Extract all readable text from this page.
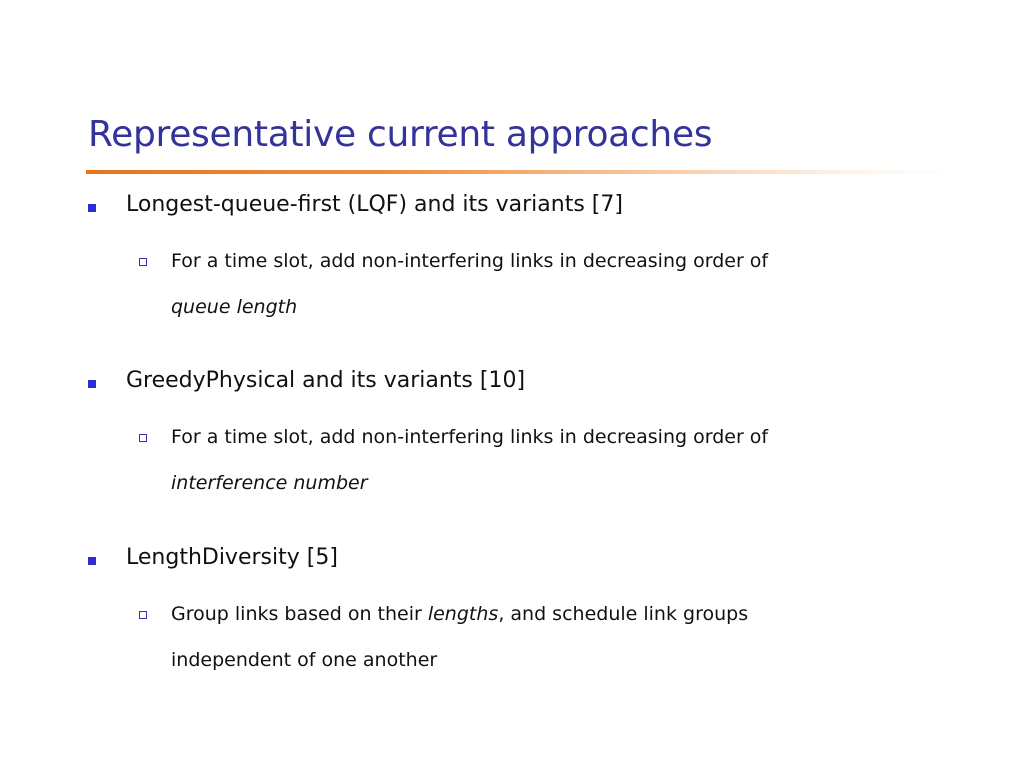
Representative current approaches
Longest-queue-first (LQF) and its variants [7]
For a time slot, add non-interfering links in decreasing order of
queue length
GreedyPhysical and its variants [10]
For a time slot, add non-interfering links in decreasing order of
interference number
LengthDiversity [5]
Group links based on their lengths, and schedule link groups
independent of one another
